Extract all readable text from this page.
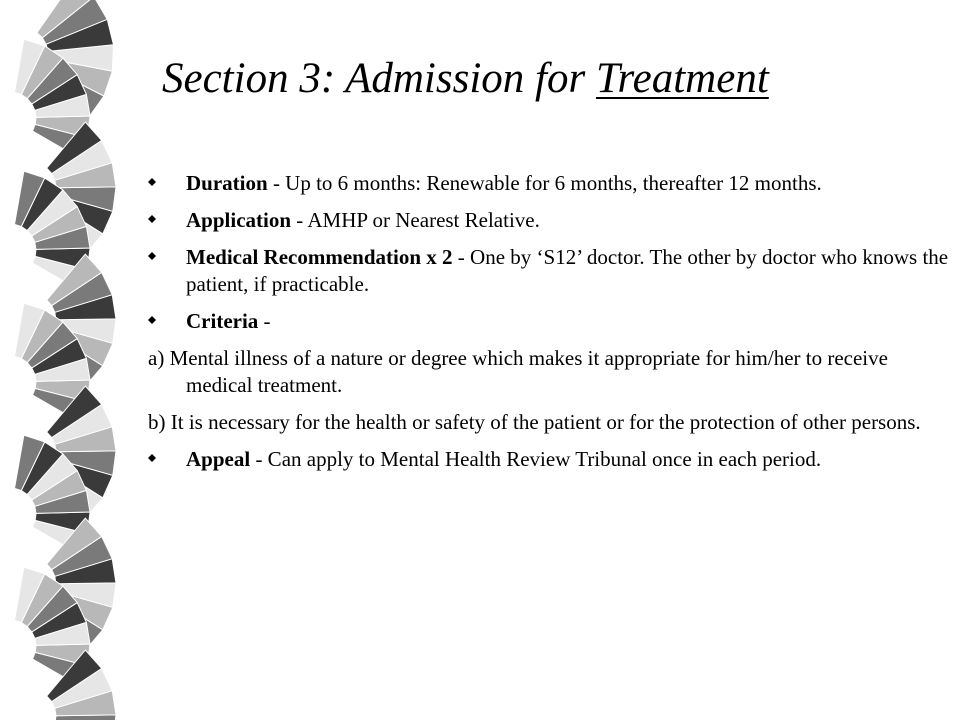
Section 3: Admission for Treatment
Duration - Up to 6 months: Renewable for 6 months, thereafter 12 months.
Application - AMHP or Nearest Relative.
Medical Recommendation x 2 - One by ‘S12’ doctor. The other by doctor who knows the patient, if practicable.
Criteria -
a) Mental illness of a nature or degree which makes it appropriate for him/her to receive medical treatment.
b) It is necessary for the health or safety of the patient or for the protection of other persons.
Appeal - Can apply to Mental Health Review Tribunal once in each period.
